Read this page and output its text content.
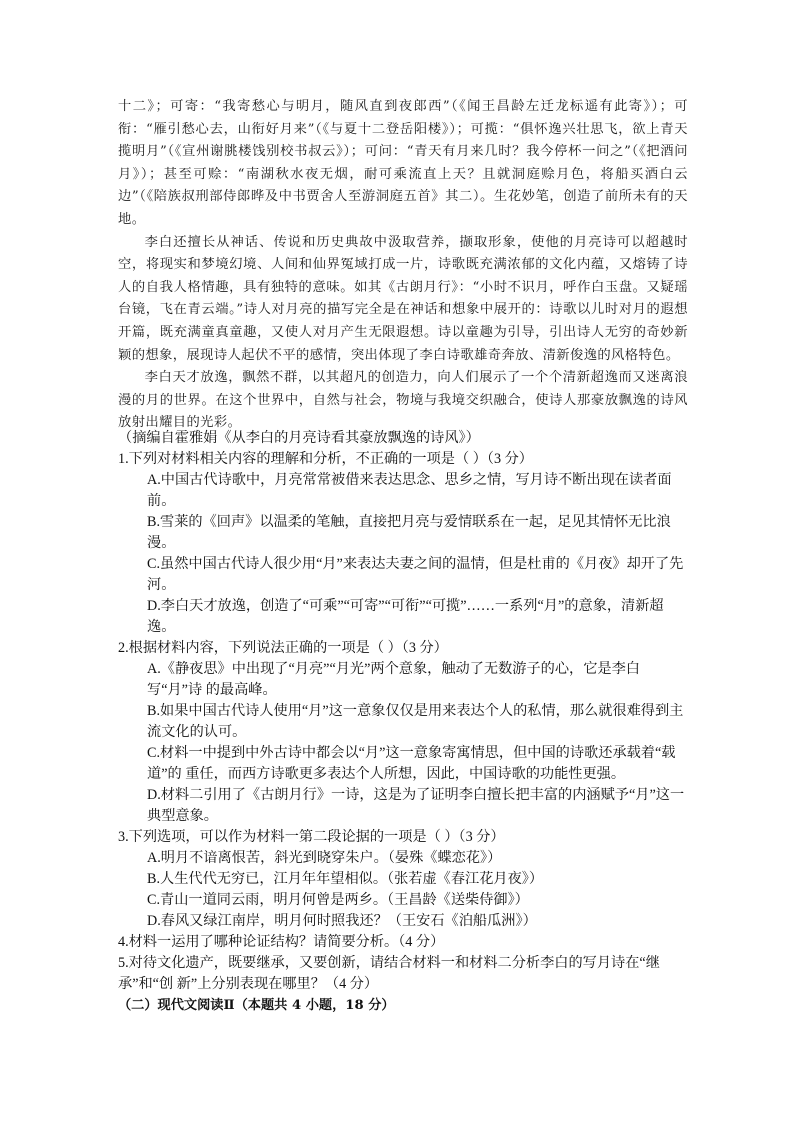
十二》；可寄：“我寄愁心与明月，随风直到夜郎西”（《闻王昌龄左迁龙标遥有此寄》）；可衔：“雁引愁心去，山衔好月来”（《与夏十二登岳阳楼》）；可揽：“俱怀逸兴壮思飞，欲上青天揽明月”（《宣州谢朓楼饯别校书叔云》）；可问：“青天有月来几时？我今停杯一问之”（《把酒问月》）；甚至可赊：“南湖秋水夜无烟，耐可乘流直上天？且就洞庭赊月色，将船买酒白云边”（《陪族叔刑部侍郎晔及中书贾舍人至游洞庭五首》其二）。生花妙笔，创造了前所未有的天地。

李白还擅长从神话、传说和历史典故中汲取营养，撷取形象，使他的月亮诗可以超越时空，将现实和梦境幻境、人间和仙界冤域打成一片，诗歌既充满浓郁的文化内蕴，又熔铸了诗人的自我人格情趣，具有独特的意味。如其《古朗月行》：“小时不识月，呼作白玉盘。又疑瑶台镜，飞在青云端。”诗人对月亮的描写完全是在神话和想象中展开的：诗歌以儿时对月的遐想开篇，既充满童真童趣，又使人对月产生无限遐想。诗以童趣为引导，引出诗人无穷的奇妙新颖的想象，展现诗人起伏不平的感情，突出体现了李白诗歌雄奇奔放、清新俊逸的风格特色。

李白天才放逸，飘然不群，以其超凡的创造力，向人们展示了一个个清新超逸而又迷离浪漫的月的世界。在这个世界中，自然与社会，物境与我境交织融合，使诗人那豪放飘逸的诗风放射出耀目的光彩。

（摘编自霍雅娟《从李白的月亮诗看其豪放飘逸的诗风》）

1.下列对材料相关内容的理解和分析，不正确的一项是（ ）（3 分）

A.中国古代诗歌中，月亮常常被借来表达思念、思乡之情，写月诗不断出现在读者面前。

B.雪莱的《回声》以温柔的笔触，直接把月亮与爱情联系在一起，足见其情怀无比浪漫。

C.虽然中国古代诗人很少用“月”来表达夫妻之间的温情，但是杜甫的《月夜》却开了先河。

D.李白天才放逸，创造了“可乘”“可寄”“可衔”“可揽”……一系列“月”的意象，清新超逸。

2.根据材料内容，下列说法正确的一项是（ ）（3 分）

A.《静夜思》中出现了“月亮”“月光”两个意象，触动了无数游子的心，它是李白写“月”诗 的最高峰。

B.如果中国古代诗人使用“月”这一意象仅仅是用来表达个人的私情，那么就很难得到主流文化的认可。

C.材料一中提到中外古诗中都会以“月”这一意象寄寓情思，但中国的诗歌还承载着“载道”的 重任，而西方诗歌更多表达个人所想，因此，中国诗歌的功能性更强。

D.材料二引用了《古朗月行》一诗，这是为了证明李白擅长把丰富的内涵赋予“月”这一典型意象。

3.下列选项，可以作为材料一第二段论据的一项是（ ）（3 分）

A.明月不谙离恨苦，斜光到晓穿朱户。（晏殊《蝶恋花》）

B.人生代代无穷已，江月年年望相似。（张若虚《春江花月夜》）

C.青山一道同云雨，明月何曾是两乡。（王昌龄《送柴侍御》）

D.春风又绿江南岸，明月何时照我还？（王安石《泊船瓜洲》）

4.材料一运用了哪种论证结构？请简要分析。（4 分）

5.对待文化遗产，既要继承，又要创新，请结合材料一和材料二分析李白的写月诗在“继承”和“创 新”上分别表现在哪里？（4 分）

（二）现代文阅读Ⅱ（本题共 4 小题，18 分）
